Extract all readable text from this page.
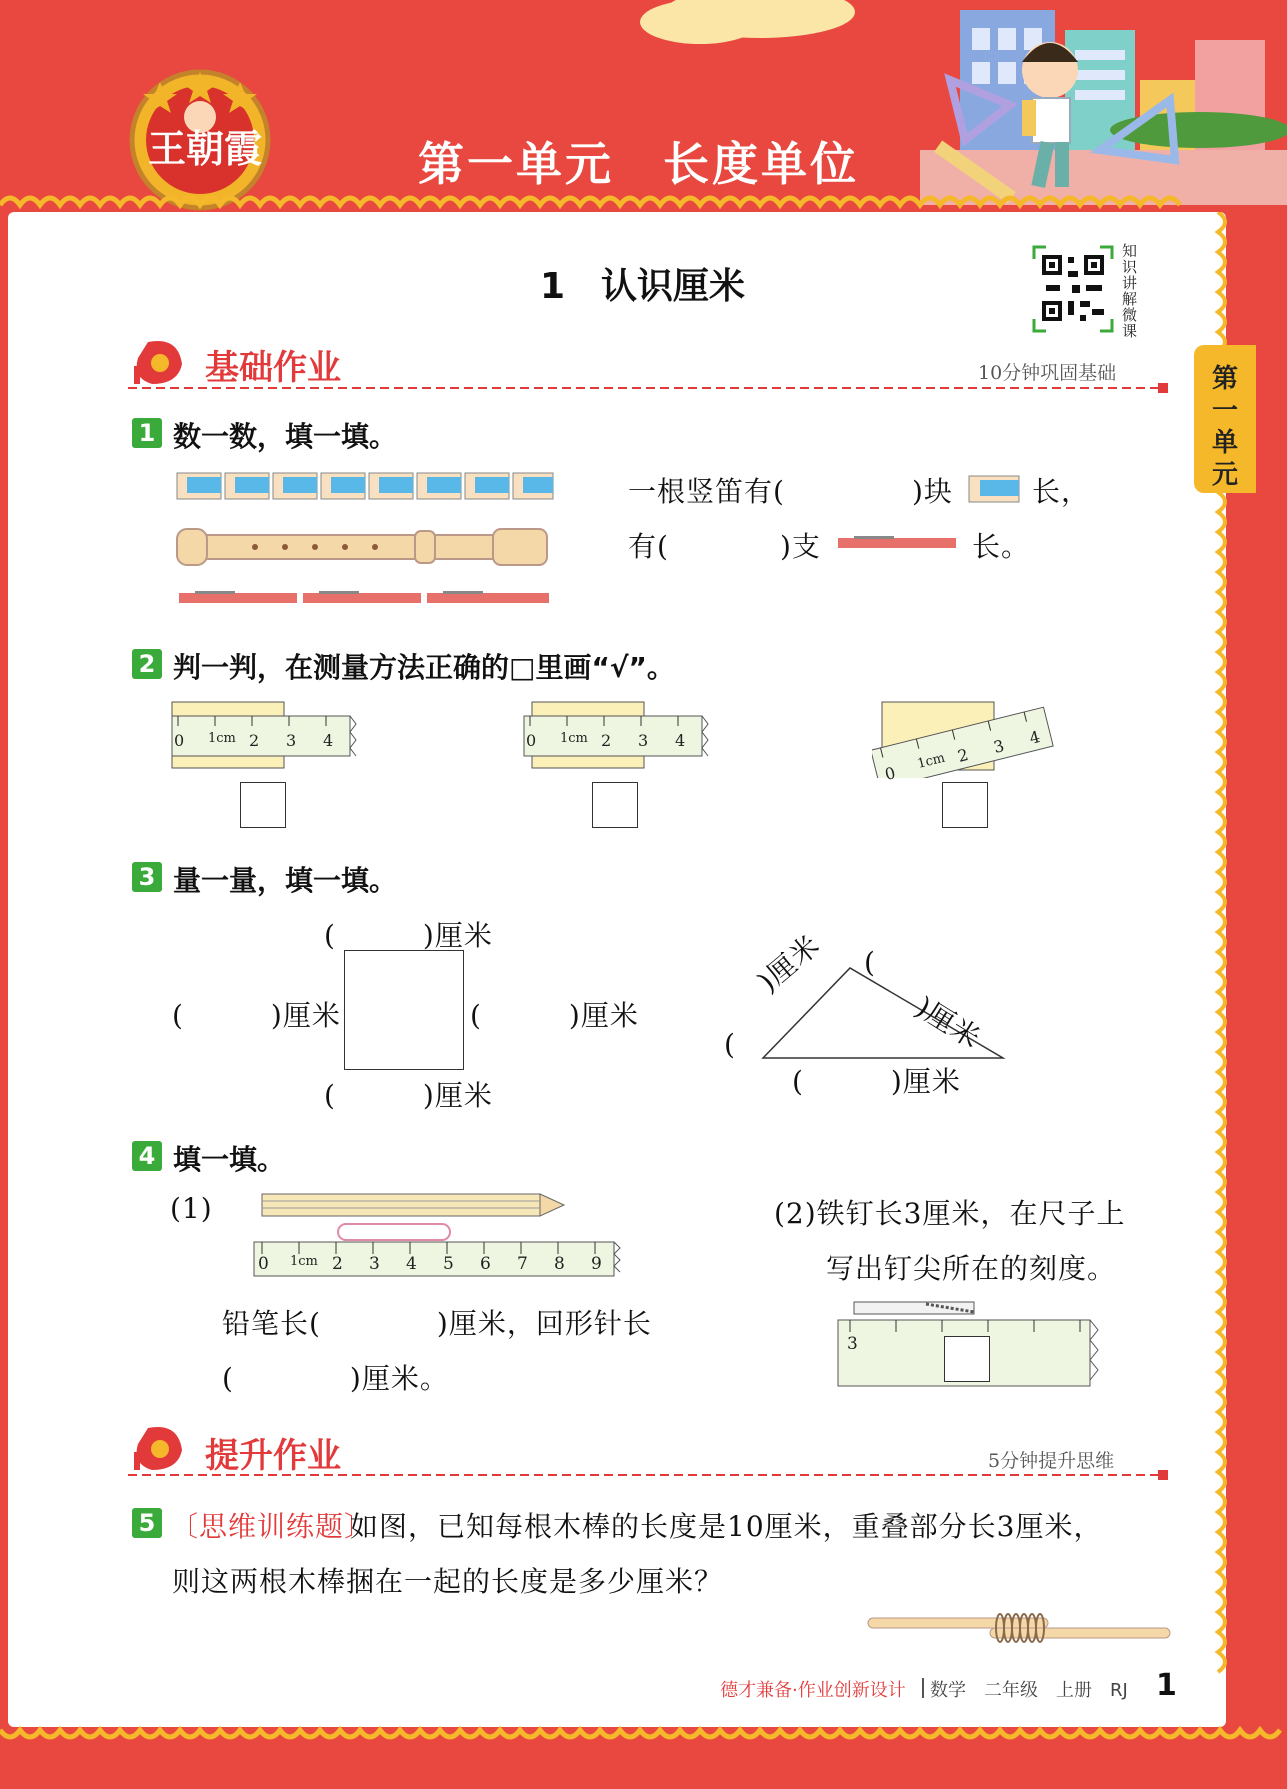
王朝霞	第一单元　长度单位
第一单元
1　认识厘米
知识讲解微课
基础作业	10分钟巩固基础
1 数一数，填一填。
一根竖笛有(	)块	长，
有(	)支	长。
2 判一判，在测量方法正确的□里画“√”。
0 1cm 2 3 4	0 1cm 2 3 4
0
1cm 2 3 4
3 量一量，填一填。
(　　　)厘米
(　　　)厘米	(　　　)厘米
(　　　)厘米
(
)厘米 (
)厘米
(　　　)厘米
4 填一填。
(1)
0 1cm 2 3 4 5 6 7 8 9
铅笔长(　　　　)厘米，回形针长
(　　　　)厘米。
(2)铁钉长3厘米，在尺子上
写出钉尖所在的刻度。
3
提升作业	5分钟提升思维
5 〔思维训练题〕
如图，已知每根木棒的长度是10厘米，重叠部分长3厘米，
则这两根木棒捆在一起的长度是多少厘米？
德才兼备·作业创新设计 数学　二年级　上册　RJ 1
